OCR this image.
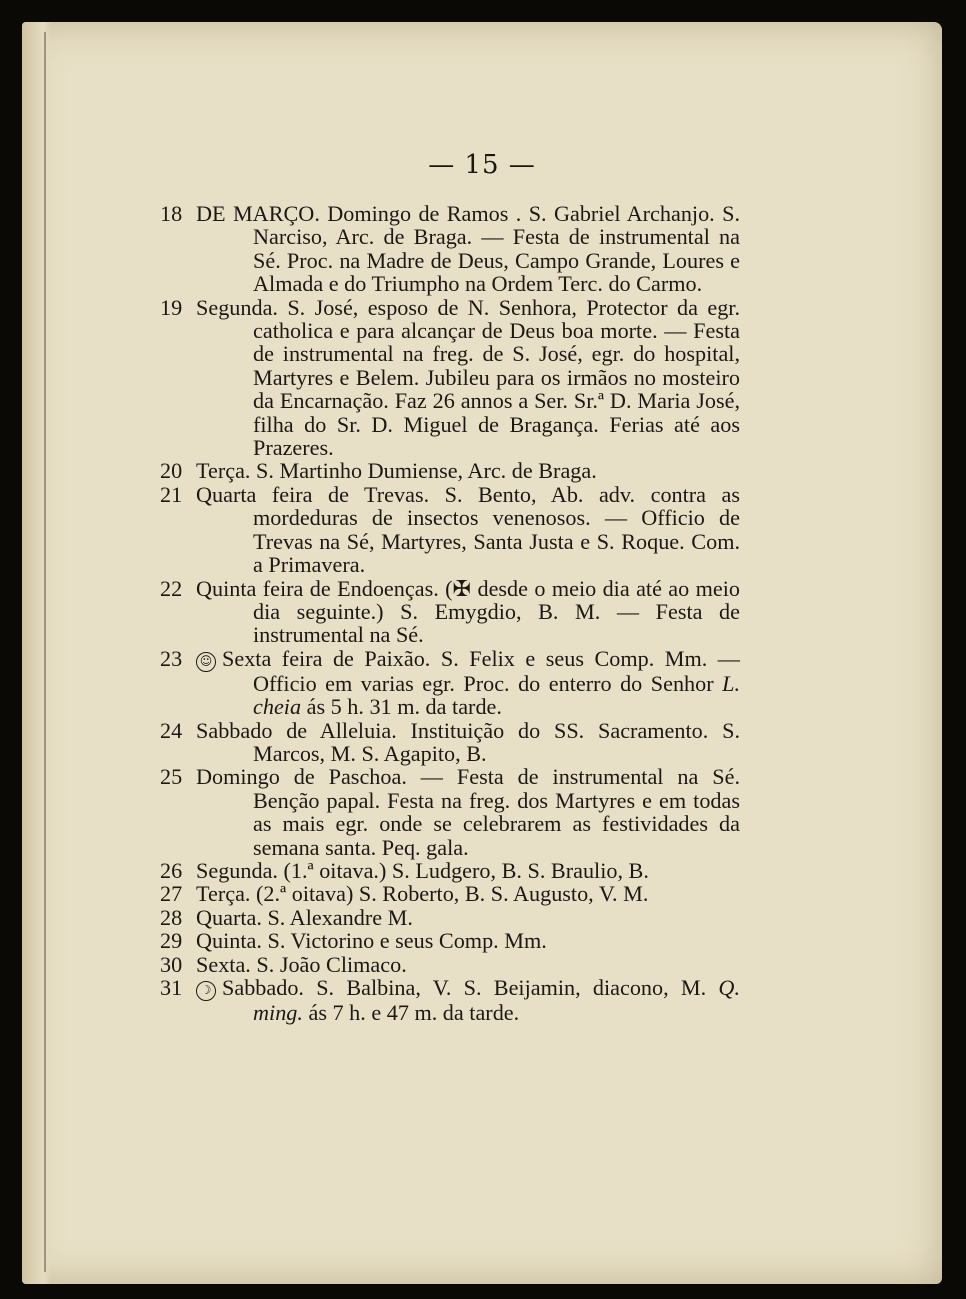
— 15 —
18 DE MARÇO. Domingo de Ramos . S. Gabriel Archanjo. S. Narciso, Arc. de Braga. — Festa de instrumental na Sé. Proc. na Madre de Deus, Campo Grande, Loures e Almada e do Triumpho na Ordem Terc. do Carmo.
19 Segunda. S. José, esposo de N. Senhora, Protector da egr. catholica e para alcançar de Deus boa morte. — Festa de instrumental na freg. de S. José, egr. do hospital, Martyres e Belem. Jubileu para os irmãos no mosteiro da Encarnação. Faz 26 annos a Ser. Sr.ª D. Maria José, filha do Sr. D. Miguel de Bragança. Ferias até aos Prazeres.
20 Terça. S. Martinho Dumiense, Arc. de Braga.
21 Quarta feira de Trevas. S. Bento, Ab. adv. contra as mordeduras de insectos venenosos. — Officio de Trevas na Sé, Martyres, Santa Justa e S. Roque. Com. a Primavera.
22 Quinta feira de Endoenças. (✠ desde o meio dia até ao meio dia seguinte.) S. Emygdio, B. M. — Festa de instrumental na Sé.
23	☺ Sexta feira de Paixão. S. Felix e seus Comp. Mm. — Officio em varias egr. Proc. do enterro do Senhor L. cheia ás 5 h. 31 m. da tarde.
24 Sabbado de Alleluia. Instituição do SS. Sacramento. S. Marcos, M. S. Agapito, B.
25 Domingo de Paschoa. — Festa de instrumental na Sé. Benção papal. Festa na freg. dos Martyres e em todas as mais egr. onde se celebrarem as festividades da semana santa. Peq. gala.
26 Segunda. (1.ª oitava.) S. Ludgero, B. S. Braulio, B.
27 Terça. (2.ª oitava) S. Roberto, B. S. Augusto, V. M.
28 Quarta. S. Alexandre M.
29 Quinta. S. Victorino e seus Comp. Mm.
30 Sexta. S. João Climaco.
31	☽ Sabbado. S. Balbina, V. S. Beijamin, diacono, M. Q. ming. ás 7 h. e 47 m. da tarde.
